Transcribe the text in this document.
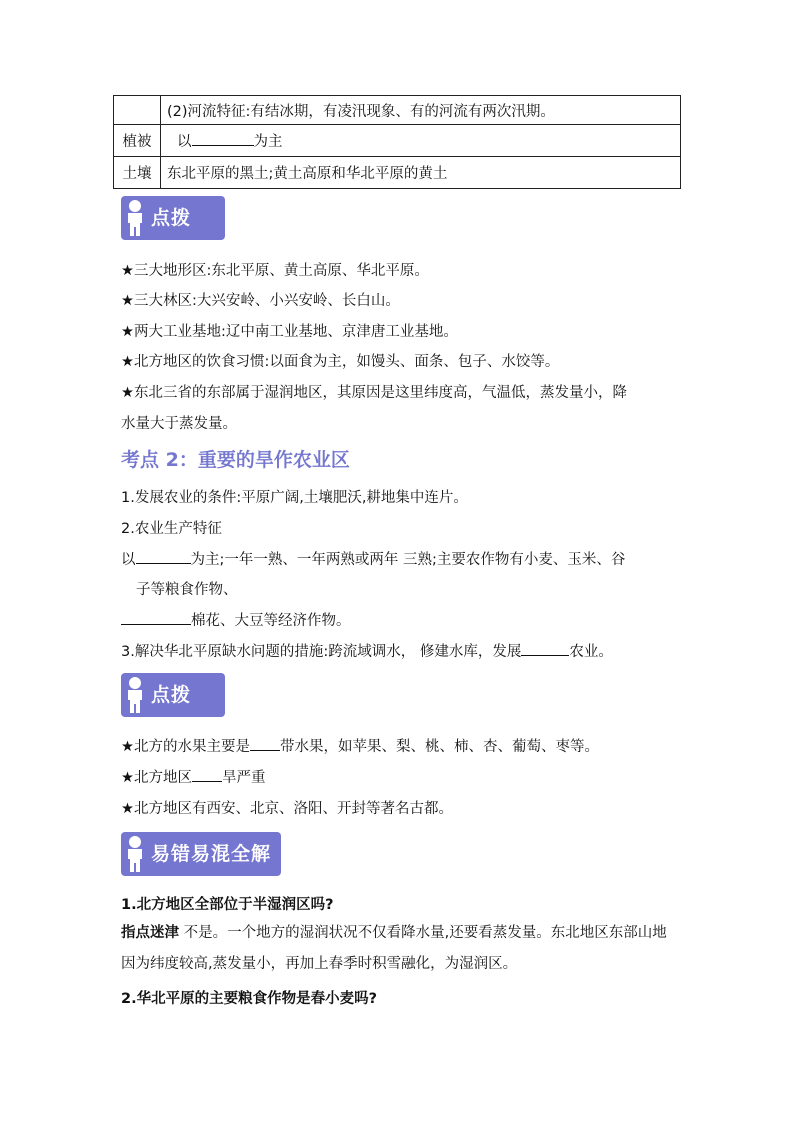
	(2)河流特征:有结冰期，有凌汛现象、有的河流有两次汛期。
植被	以 为主
土壤	东北平原的黑土;黄土高原和华北平原的黄土
点拨
★三大地形区:东北平原、黄土高原、华北平原。
★三大林区:大兴安岭、小兴安岭、长白山。
★两大工业基地:辽中南工业基地、京津唐工业基地。
★北方地区的饮食习惯:以面食为主，如馒头、面条、包子、水饺等。
★东北三省的东部属于湿润地区，其原因是这里纬度高，气温低，蒸发量小，降
水量大于蒸发量。
考点 2：重要的旱作农业区
1.发展农业的条件:平原广阔,土壤肥沃,耕地集中连片。
2.农业生产特征
以	为主;一年一熟、一年两熟或两年 三熟;主要农作物有小麦、玉米、谷
子等粮食作物、
棉花、大豆等经济作物。
3.解决华北平原缺水问题的措施:跨流域调水， 修建水库，发展	农业。
点拨
★北方的水果主要是 带水果，如苹果、梨、桃、柿、杏、葡萄、枣等。
★北方地区 旱严重
★北方地区有西安、北京、洛阳、开封等著名古都。
易错易混全解
1.北方地区全部位于半湿润区吗?
指点迷津 不是。一个地方的湿润状况不仅看降水量,还要看蒸发量。东北地区东部山地因为纬度较高,蒸发量小，再加上春季时积雪融化，为湿润区。
2.华北平原的主要粮食作物是春小麦吗?
